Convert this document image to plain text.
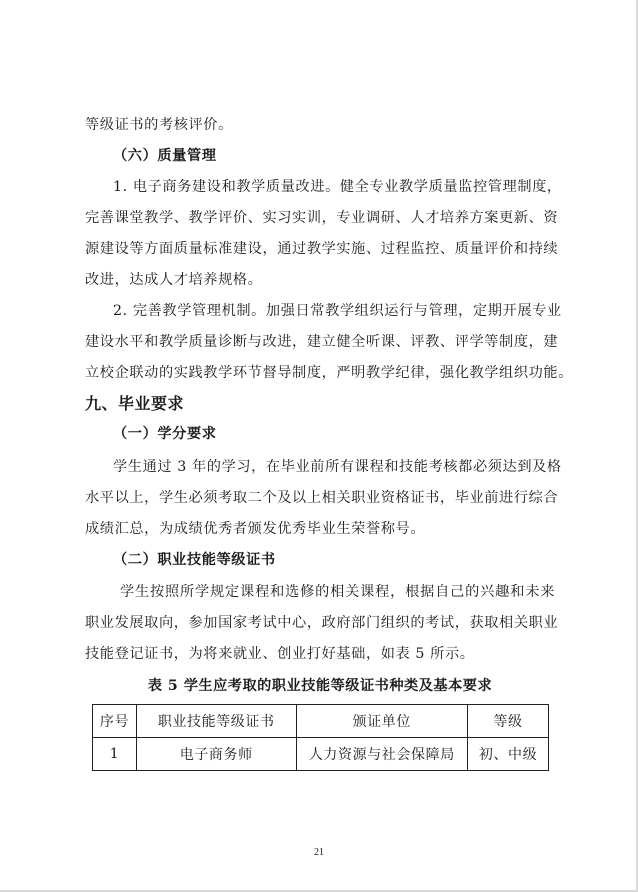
等级证书的考核评价。
（六）质量管理
1. 电子商务建设和教学质量改进。健全专业教学质量监控管理制度，
完善课堂教学、教学评价、实习实训，专业调研、人才培养方案更新、资
源建设等方面质量标准建设，通过教学实施、过程监控、质量评价和持续
改进，达成人才培养规格。
2. 完善教学管理机制。加强日常教学组织运行与管理，定期开展专业
建设水平和教学质量诊断与改进，建立健全听课、评教、评学等制度，建
立校企联动的实践教学环节督导制度，严明教学纪律，强化教学组织功能。
九、毕业要求
（一）学分要求
学生通过 3 年的学习，在毕业前所有课程和技能考核都必须达到及格
水平以上，学生必须考取二个及以上相关职业资格证书，毕业前进行综合
成绩汇总，为成绩优秀者颁发优秀毕业生荣誉称号。
（二）职业技能等级证书
学生按照所学规定课程和选修的相关课程，根据自己的兴趣和未来
职业发展取向，参加国家考试中心，政府部门组织的考试，获取相关职业
技能登记证书，为将来就业、创业打好基础，如表 5 所示。
表 5 学生应考取的职业技能等级证书种类及基本要求
序号	职业技能等级证书	颁证单位	等级
1	电子商务师	人力资源与社会保障局	初、中级
21
